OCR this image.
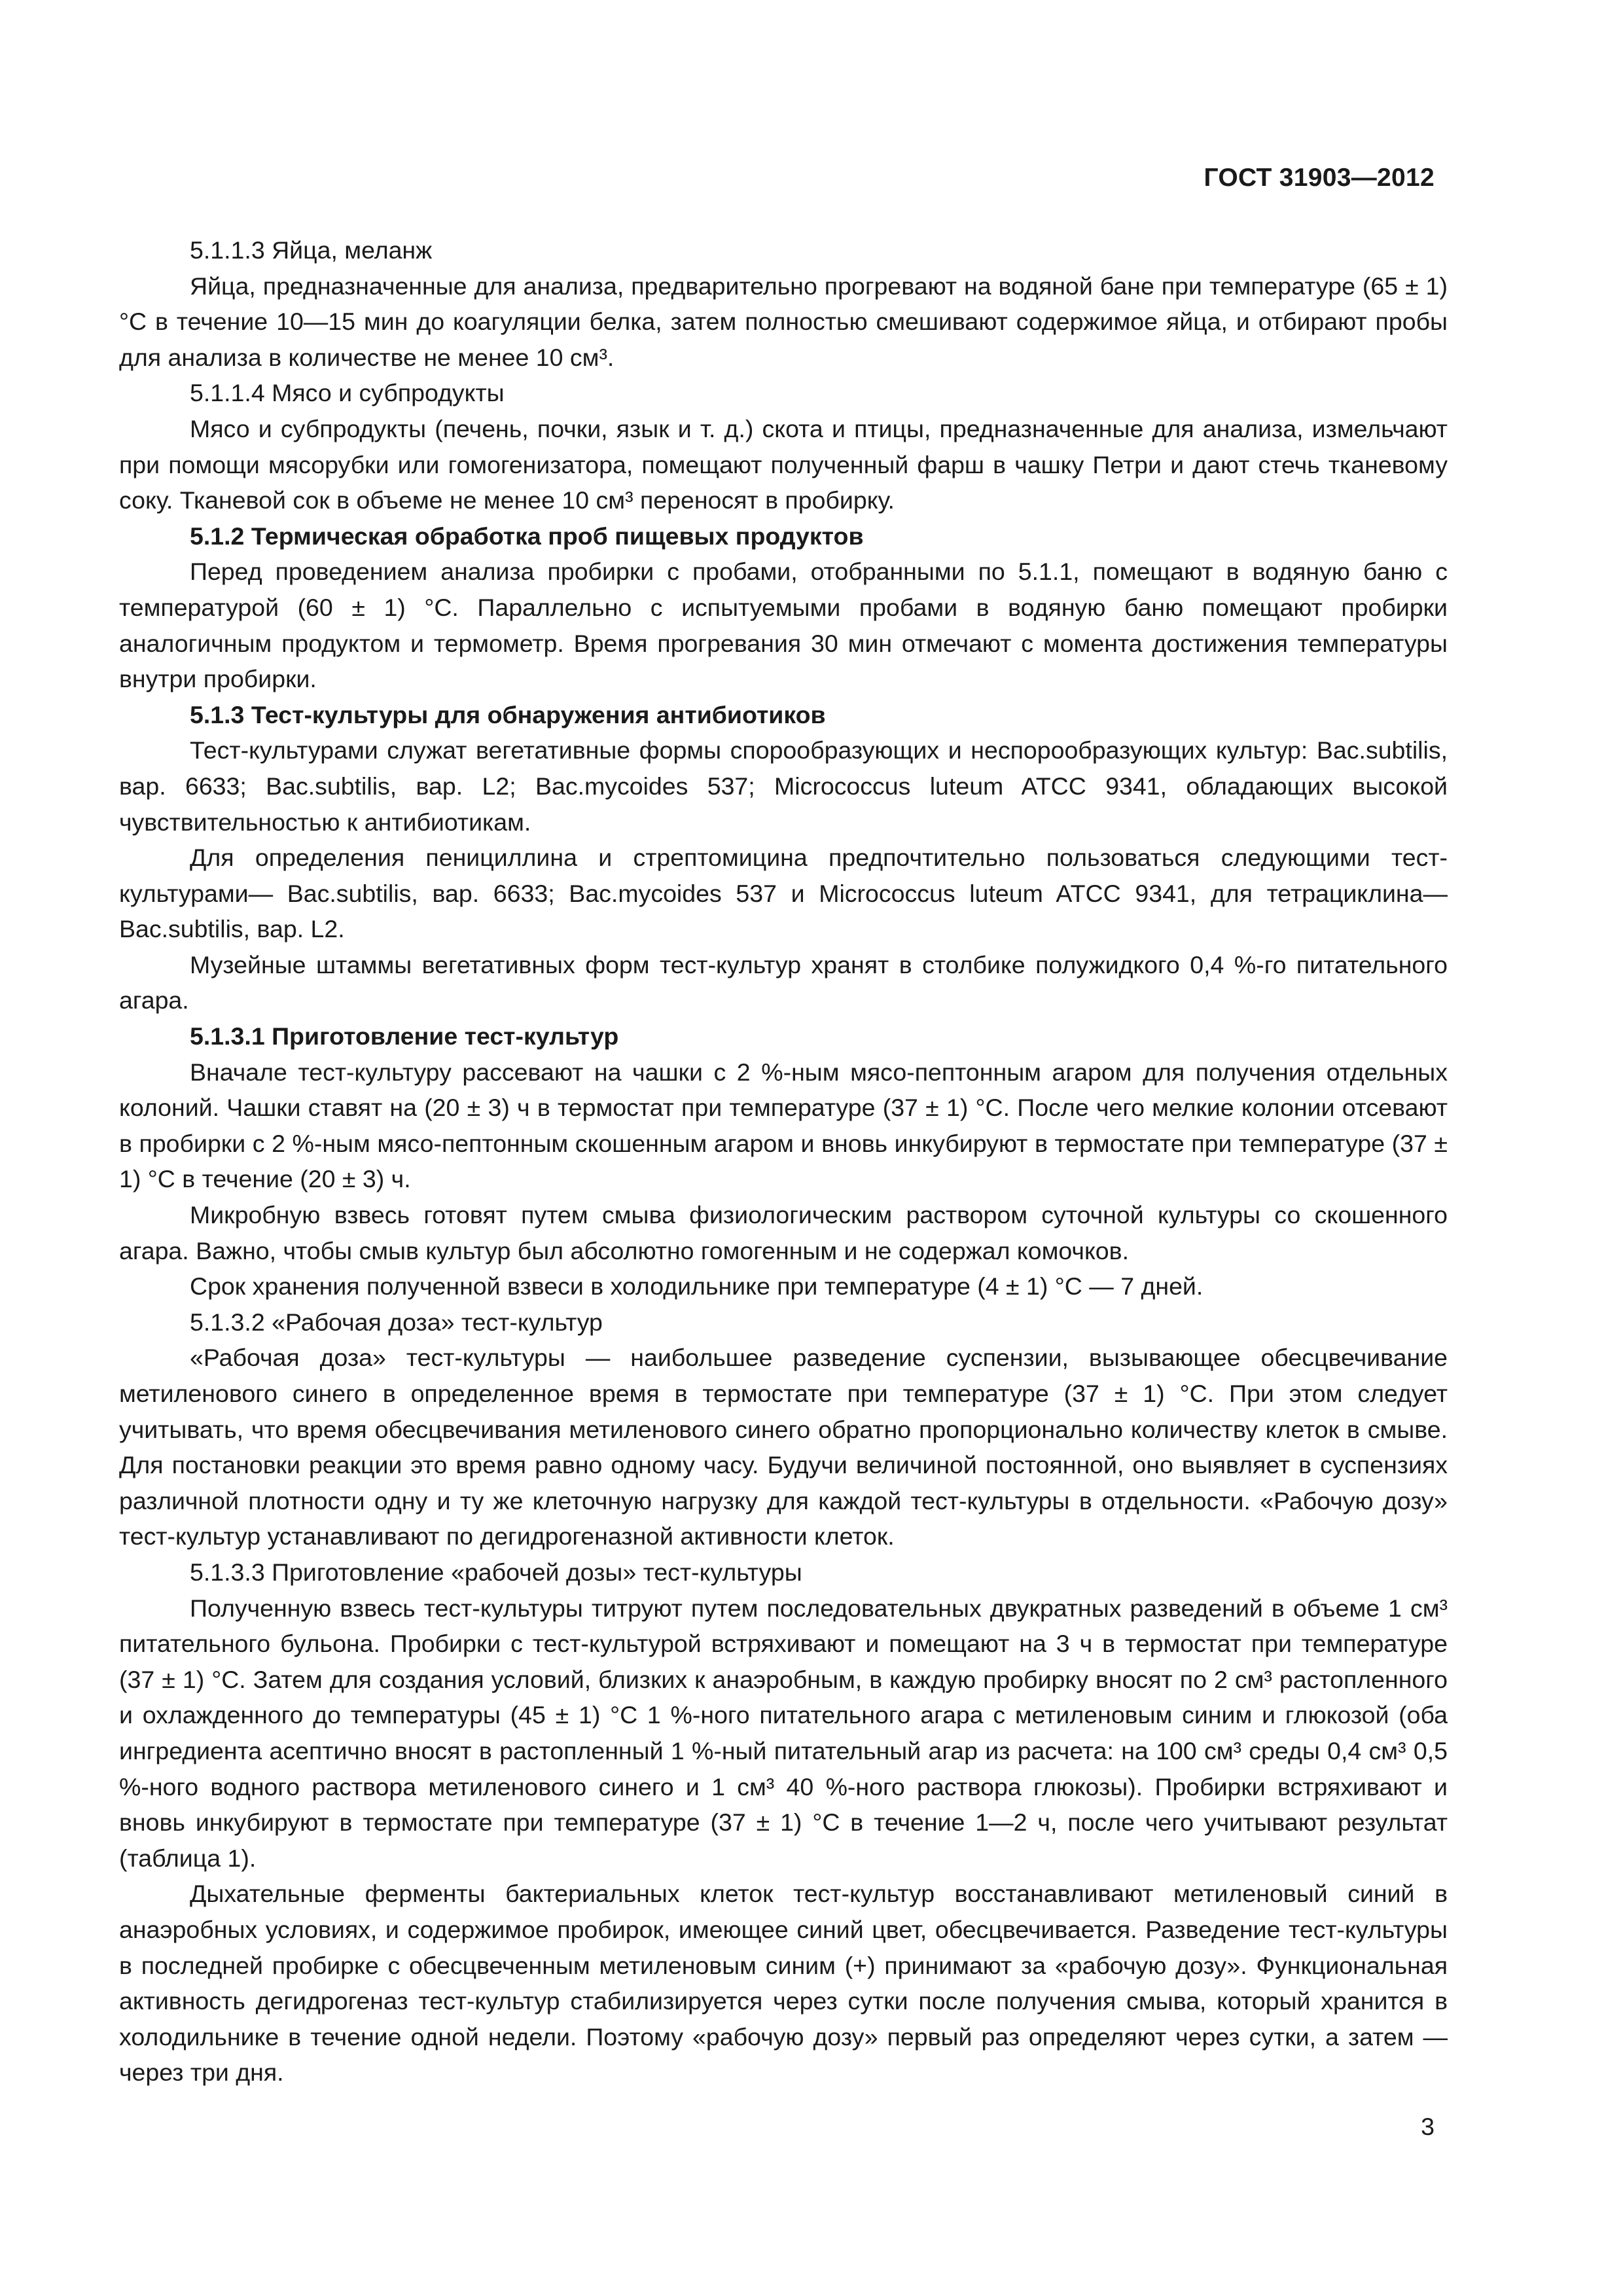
ГОСТ 31903—2012

5.1.1.3 Яйца, меланж

Яйца, предназначенные для анализа, предварительно прогревают на водяной бане при температуре (65 ± 1) °С в течение 10—15 мин до коагуляции белка, затем полностью смешивают содержимое яйца, и отбирают пробы для анализа в количестве не менее 10 см³.

5.1.1.4 Мясо и субпродукты

Мясо и субпродукты (печень, почки, язык и т. д.) скота и птицы, предназначенные для анализа, измельчают при помощи мясорубки или гомогенизатора, помещают полученный фарш в чашку Петри и дают стечь тканевому соку. Тканевой сок в объеме не менее 10 см³ переносят в пробирку.

5.1.2 Термическая обработка проб пищевых продуктов

Перед проведением анализа пробирки с пробами, отобранными по 5.1.1, помещают в водяную баню с температурой (60 ± 1) °С. Параллельно с испытуемыми пробами в водяную баню помещают пробирки аналогичным продуктом и термометр. Время прогревания 30 мин отмечают с момента достижения температуры внутри пробирки.

5.1.3 Тест-культуры для обнаружения антибиотиков

Тест-культурами служат вегетативные формы спорообразующих и неспорообразующих культур: Bac.subtilis, вар. 6633; Bac.subtilis, вар. L2; Bac.mycoides 537; Micrococcus luteum ATCC 9341, обладающих высокой чувствительностью к антибиотикам.

Для определения пенициллина и стрептомицина предпочтительно пользоваться следующими тест-культурами— Bac.subtilis, вар. 6633; Bac.mycoides 537 и Micrococcus luteum ATCC 9341, для тетрациклина— Bac.subtilis, вар. L2.

Музейные штаммы вегетативных форм тест-культур хранят в столбике полужидкого 0,4 %-го питательного агара.

5.1.3.1 Приготовление тест-культур

Вначале тест-культуру рассевают на чашки с 2 %-ным мясо-пептонным агаром для получения отдельных колоний. Чашки ставят на (20 ± 3) ч в термостат при температуре (37 ± 1) °С. После чего мелкие колонии отсевают в пробирки с 2 %-ным мясо-пептонным скошенным агаром и вновь инкубируют в термостате при температуре (37 ± 1) °С в течение (20 ± 3) ч.

Микробную взвесь готовят путем смыва физиологическим раствором суточной культуры со скошенного агара. Важно, чтобы смыв культур был абсолютно гомогенным и не содержал комочков.

Срок хранения полученной взвеси в холодильнике при температуре (4 ± 1) °С — 7 дней.

5.1.3.2 «Рабочая доза» тест-культур

«Рабочая доза» тест-культуры — наибольшее разведение суспензии, вызывающее обесцвечивание метиленового синего в определенное время в термостате при температуре (37 ± 1) °С. При этом следует учитывать, что время обесцвечивания метиленового синего обратно пропорционально количеству клеток в смыве. Для постановки реакции это время равно одному часу. Будучи величиной постоянной, оно выявляет в суспензиях различной плотности одну и ту же клеточную нагрузку для каждой тест-культуры в отдельности. «Рабочую дозу» тест-культур устанавливают по дегидрогеназной активности клеток.

5.1.3.3 Приготовление «рабочей дозы» тест-культуры

Полученную взвесь тест-культуры титруют путем последовательных двукратных разведений в объеме 1 см³ питательного бульона. Пробирки с тест-культурой встряхивают и помещают на 3 ч в термостат при температуре (37 ± 1) °С. Затем для создания условий, близких к анаэробным, в каждую пробирку вносят по 2 см³ растопленного и охлажденного до температуры (45 ± 1) °С 1 %-ного питательного агара с метиленовым синим и глюкозой (оба ингредиента асептично вносят в растопленный 1 %-ный питательный агар из расчета: на 100 см³ среды 0,4 см³ 0,5 %-ного водного раствора метиленового синего и 1 см³ 40 %-ного раствора глюкозы). Пробирки встряхивают и вновь инкубируют в термостате при температуре (37 ± 1) °С в течение 1—2 ч, после чего учитывают результат (таблица 1).

Дыхательные ферменты бактериальных клеток тест-культур восстанавливают метиленовый синий в анаэробных условиях, и содержимое пробирок, имеющее синий цвет, обесцвечивается. Разведение тест-культуры в последней пробирке с обесцвеченным метиленовым синим (+) принимают за «рабочую дозу». Функциональная активность дегидрогеназ тест-культур стабилизируется через сутки после получения смыва, который хранится в холодильнике в течение одной недели. Поэтому «рабочую дозу» первый раз определяют через сутки, а затем — через три дня.

3
